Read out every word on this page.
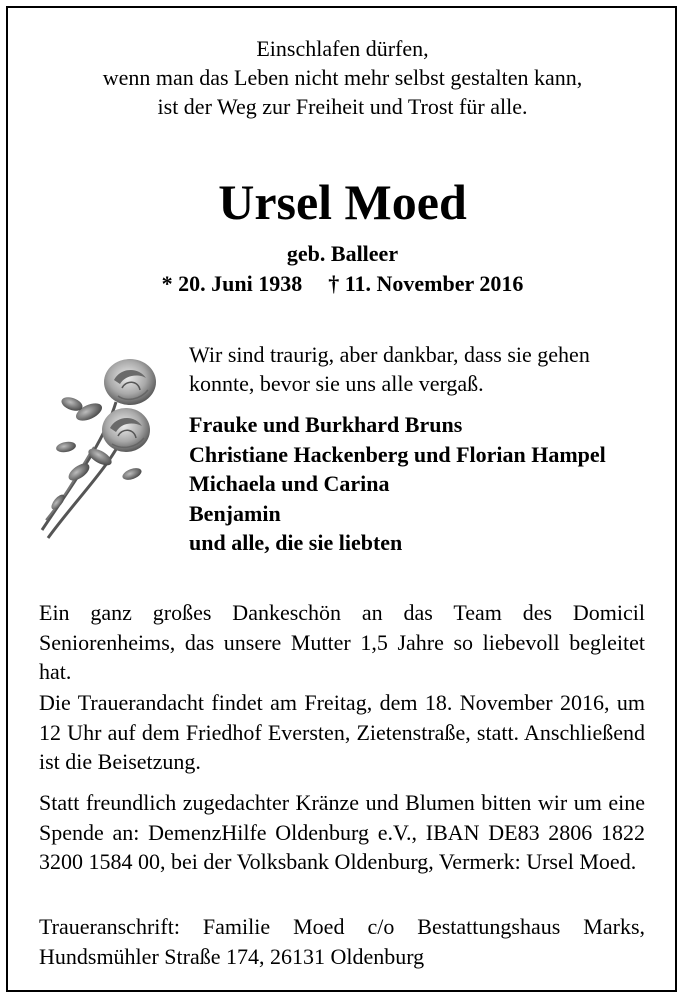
Einschlafen dürfen,
wenn man das Leben nicht mehr selbst gestalten kann,
ist der Weg zur Freiheit und Trost für alle.
Ursel Moed
geb. Balleer
* 20. Juni 1938 † 11. November 2016
Wir sind traurig, aber dankbar, dass sie gehen
konnte, bevor sie uns alle vergaß.
Frauke und Burkhard Bruns
Christiane Hackenberg und Florian Hampel
Michaela und Carina
Benjamin
und alle, die sie liebten
Ein ganz großes Dankeschön an das Team des Domicil Seniorenheims, das unsere Mutter 1,5 Jahre so liebevoll begleitet hat.
Die Trauerandacht findet am Freitag, dem 18. November 2016, um 12 Uhr auf dem Friedhof Eversten, Zietenstraße, statt. Anschließend ist die Beisetzung.
Statt freundlich zugedachter Kränze und Blumen bitten wir um eine Spende an: DemenzHilfe Oldenburg e.V., IBAN DE83 2806 1822 3200 1584 00, bei der Volksbank Oldenburg, Vermerk: Ursel Moed.
Traueranschrift: Familie Moed c/o Bestattungshaus Marks, Hundsmühler Straße 174, 26131 Oldenburg
